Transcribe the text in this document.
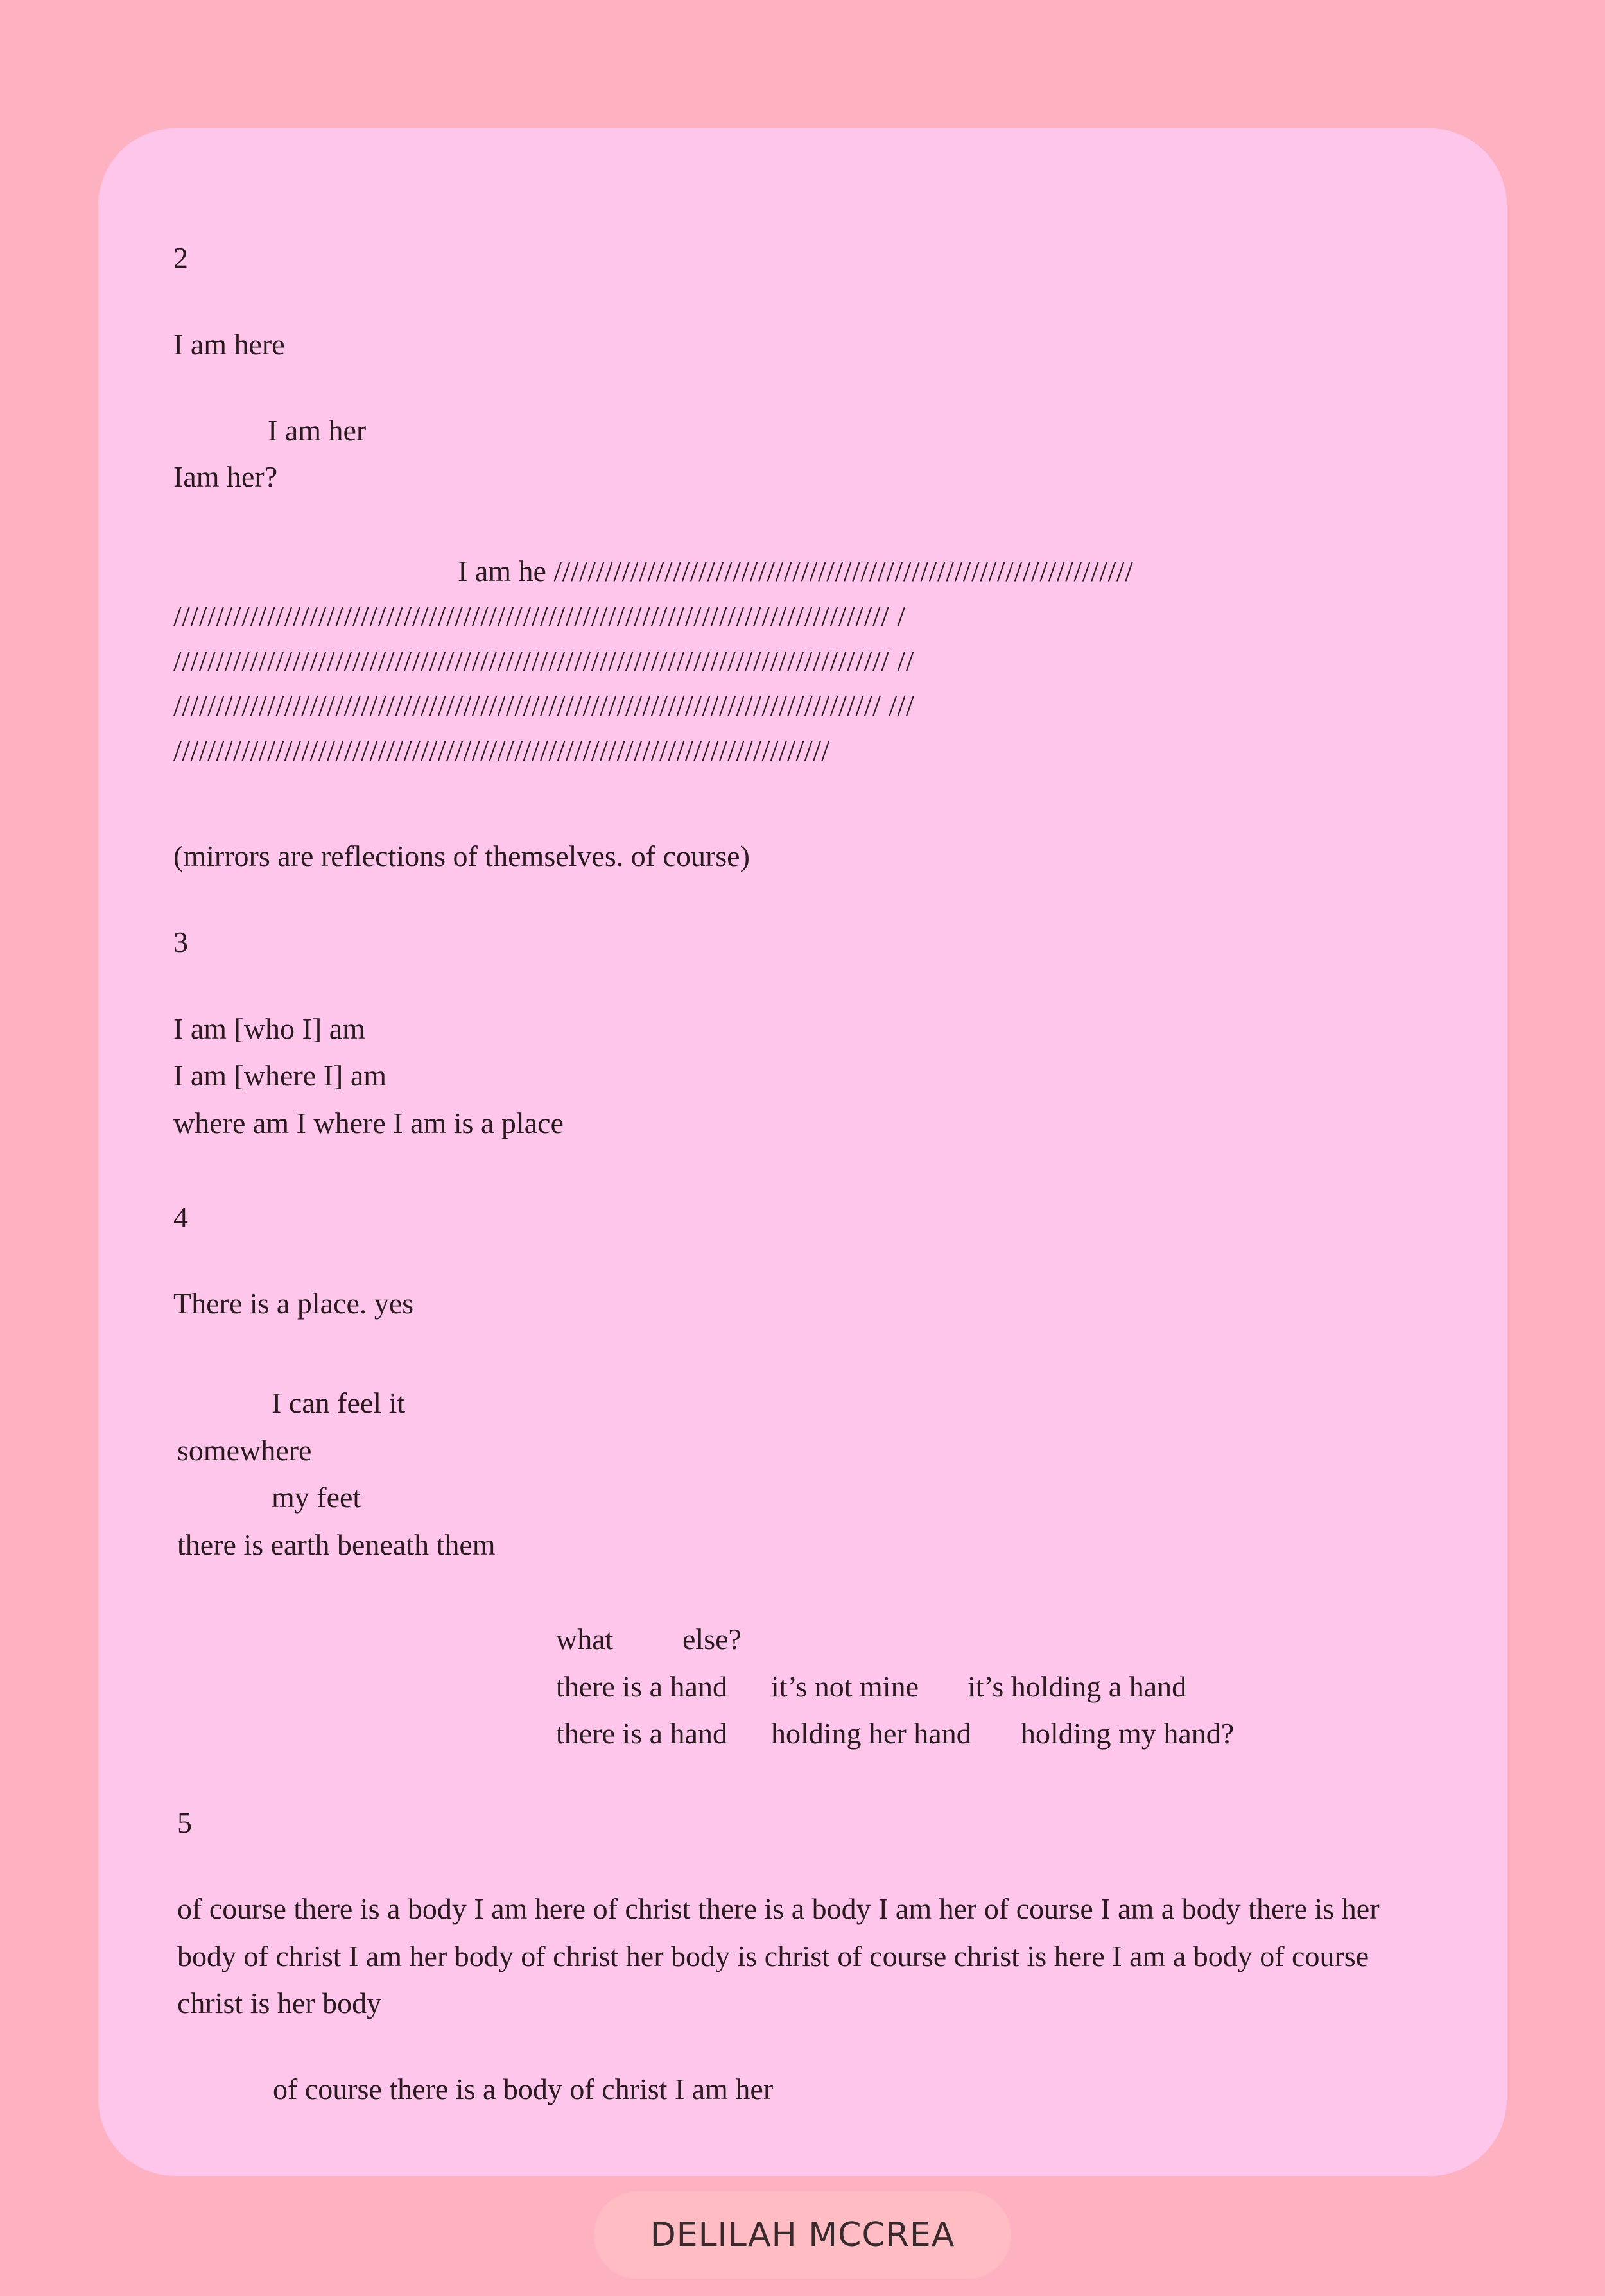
2
I am here
I am her
Iam her?
I am he ////////////////////////////////////////////////////////////////////
//////////////////////////////////////////////////////////////////////////////////// /
//////////////////////////////////////////////////////////////////////////////////// //
/////////////////////////////////////////////////////////////////////////////////// ///
/////////////////////////////////////////////////////////////////////////////
(mirrors are reflections of themselves. of course)
3
I am [who I] am
I am [where I] am
where am I where I am is a place
4
There is a place. yes
I can feel it
somewhere
my feet
there is earth beneath them
what else?
there is a hand it’s not mine it’s holding a hand
there is a hand holding her hand holding my hand?
5
of course there is a body I am here of christ there is a body I am her of course I am a body there is her
body of christ I am her body of christ her body is christ of course christ is here I am a body of course
christ is her body
of course there is a body of christ I am her
DELILAH MCCREA
